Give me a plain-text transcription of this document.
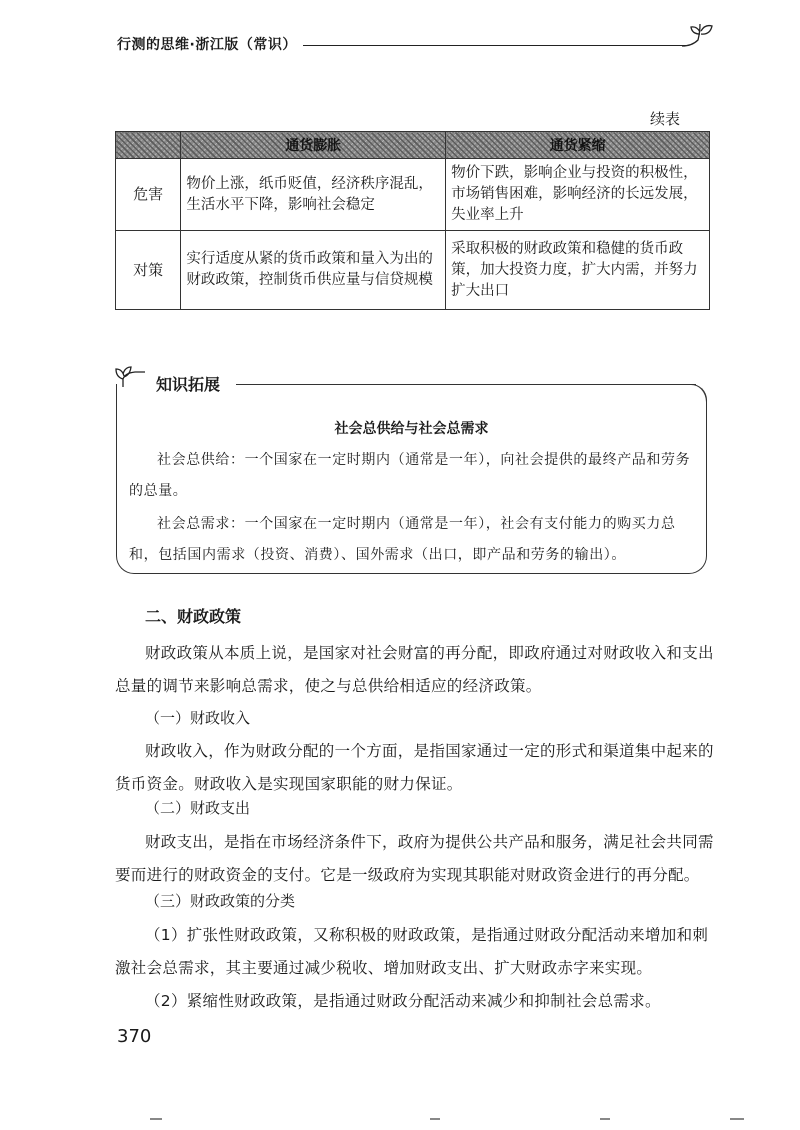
行测的思维·浙江版（常识）
续表
	通货膨胀	通货紧缩
危害	物价上涨，纸币贬值，经济秩序混乱，生活水平下降，影响社会稳定	物价下跌，影响企业与投资的积极性，市场销售困难，影响经济的长远发展，失业率上升
对策	实行适度从紧的货币政策和量入为出的财政政策，控制货币供应量与信贷规模	采取积极的财政政策和稳健的货币政策，加大投资力度，扩大内需，并努力扩大出口
知识拓展
社会总供给与社会总需求

社会总供给：一个国家在一定时期内（通常是一年），向社会提供的最终产品和劳务的总量。

社会总需求：一个国家在一定时期内（通常是一年），社会有支付能力的购买力总和，包括国内需求（投资、消费）、国外需求（出口，即产品和劳务的输出）。

二、财政政策

财政政策从本质上说，是国家对社会财富的再分配，即政府通过对财政收入和支出总量的调节来影响总需求，使之与总供给相适应的经济政策。

（一）财政收入

财政收入，作为财政分配的一个方面，是指国家通过一定的形式和渠道集中起来的货币资金。财政收入是实现国家职能的财力保证。

（二）财政支出

财政支出，是指在市场经济条件下，政府为提供公共产品和服务，满足社会共同需要而进行的财政资金的支付。它是一级政府为实现其职能对财政资金进行的再分配。

（三）财政政策的分类

（1）扩张性财政政策，又称积极的财政政策，是指通过财政分配活动来增加和刺激社会总需求，其主要通过减少税收、增加财政支出、扩大财政赤字来实现。

（2）紧缩性财政政策，是指通过财政分配活动来减少和抑制社会总需求。

370
